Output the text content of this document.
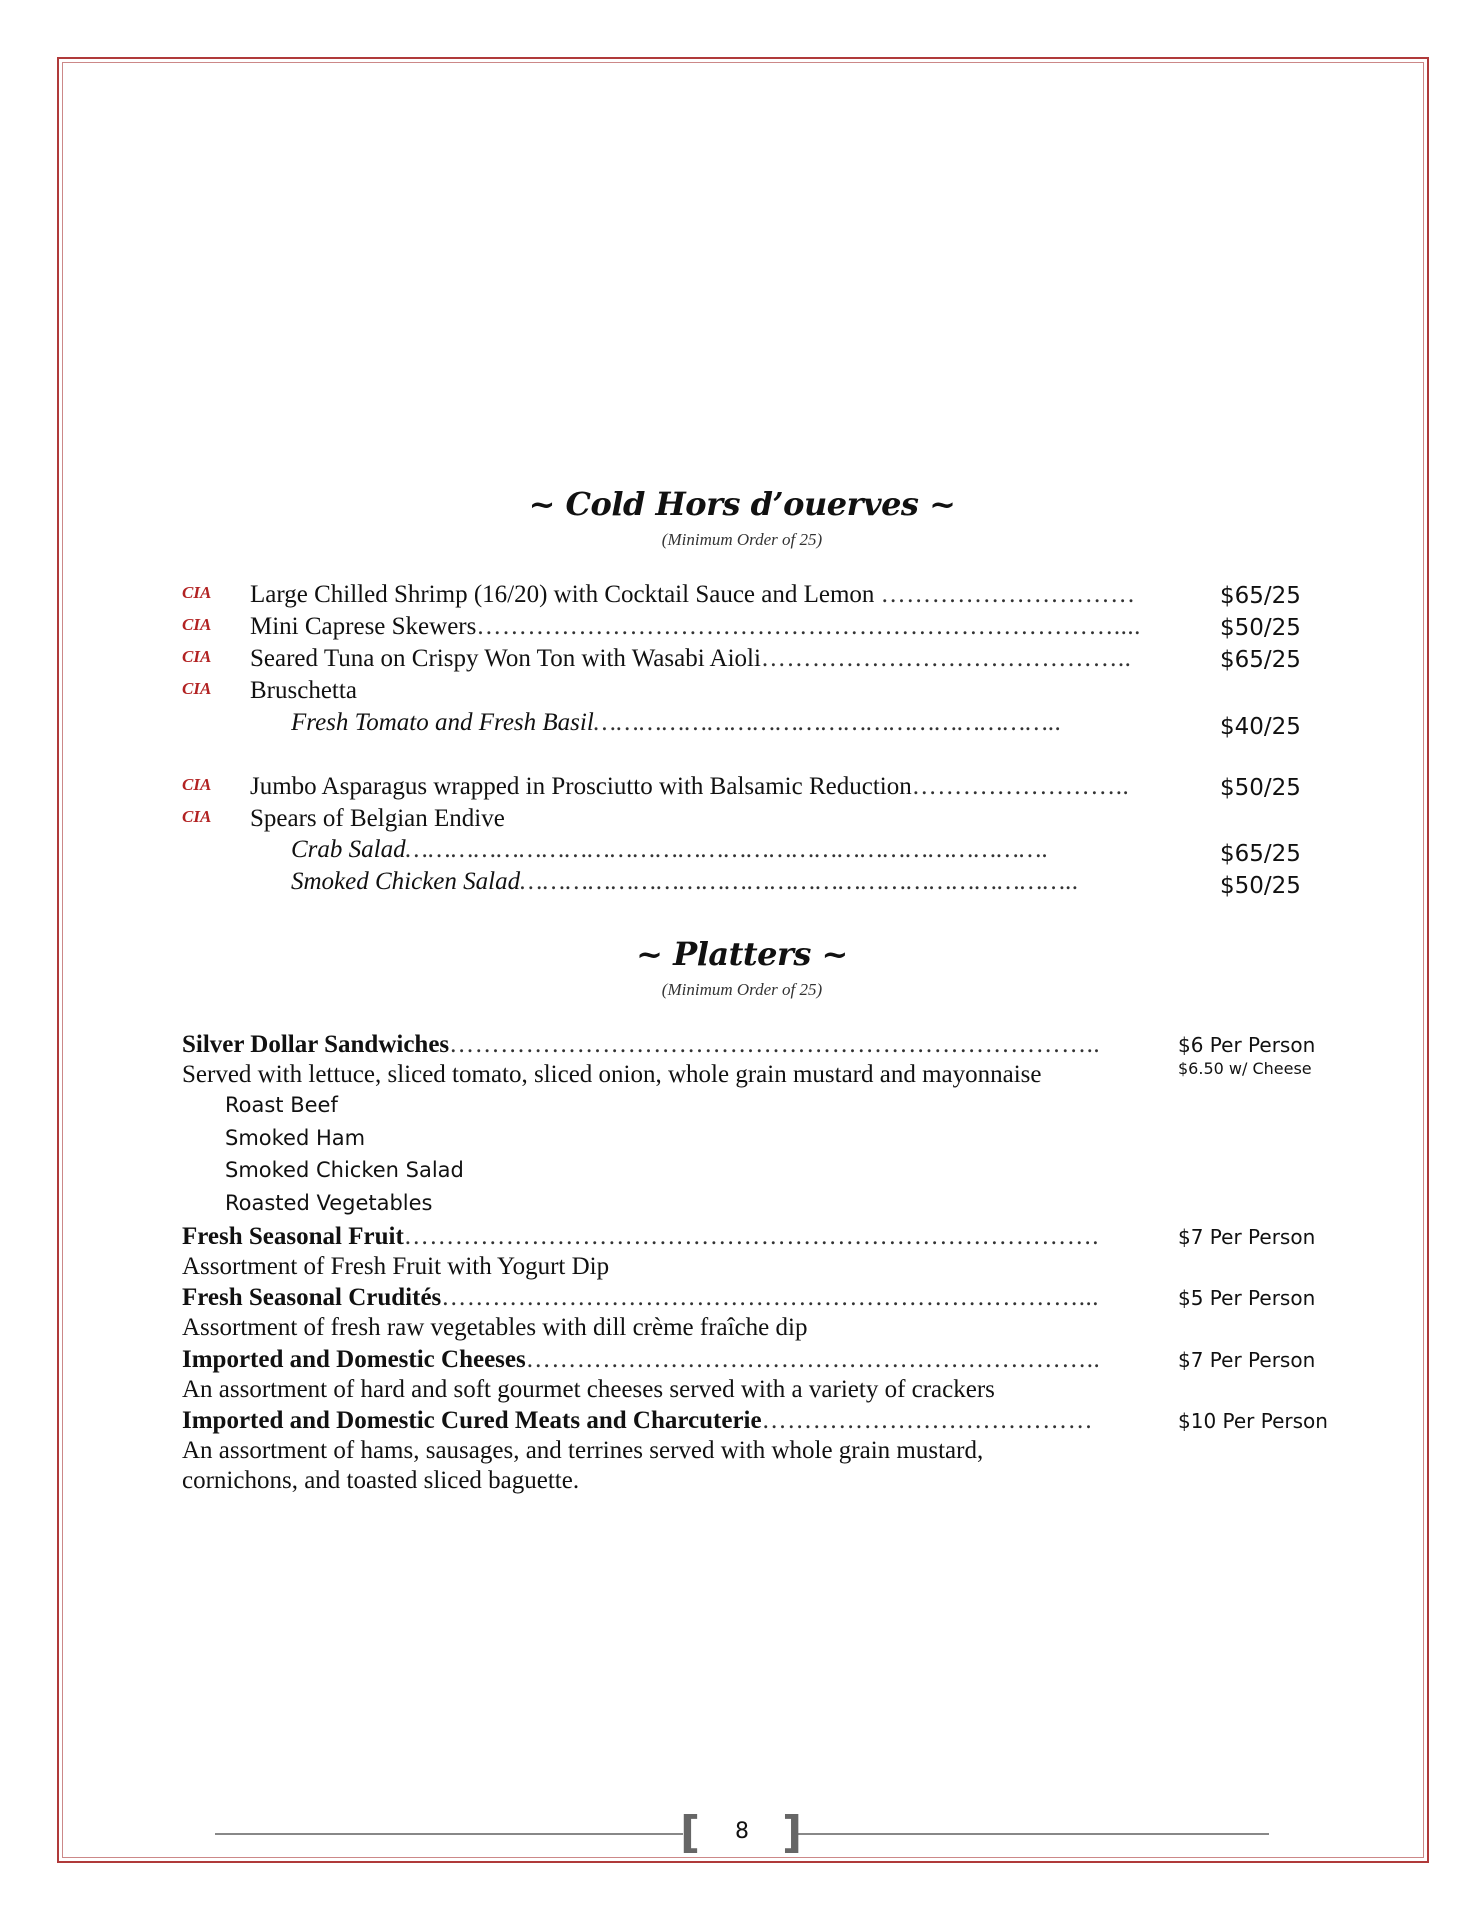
~ Cold Hors d’ouerves ~
(Minimum Order of 25)
CIA Large Chilled Shrimp (16/20) with Cocktail Sauce and Lemon …………………………	$65/25
CIA Mini Caprese Skewers…………………………………………………………………....	$50/25
CIA Seared Tuna on Crispy Won Ton with Wasabi Aioli……………………………………..	$65/25
CIA Bruschetta
Fresh Tomato and Fresh Basil……………………………………………………..	$40/25
CIA Jumbo Asparagus wrapped in Prosciutto with Balsamic Reduction……………………..	$50/25
CIA Spears of Belgian Endive
Crab Salad………………………………………………………………………….	$65/25
Smoked Chicken Salad………………………………………………………………..	$50/25
~ Platters ~
(Minimum Order of 25)
Silver Dollar Sandwiches…………………………………………………………………..	$6 Per Person
Served with lettuce, sliced tomato, sliced onion, whole grain mustard and mayonnaise	$6.50 w/ Cheese
Roast Beef
Smoked Ham
Smoked Chicken Salad
Roasted Vegetables
Fresh Seasonal Fruit……………………………………………………………………….	$7 Per Person
Assortment of Fresh Fruit with Yogurt Dip
Fresh Seasonal Crudités…………………………………………………………………...	$5 Per Person
Assortment of fresh raw vegetables with dill crème fraîche dip
Imported and Domestic Cheeses…………………………………………………………..	$7 Per Person
An assortment of hard and soft gourmet cheeses served with a variety of crackers
Imported and Domestic Cured Meats and Charcuterie…………………………………	$10 Per Person
An assortment of hams, sausages, and terrines served with whole grain mustard,
cornichons, and toasted sliced baguette.
[ ]
8
